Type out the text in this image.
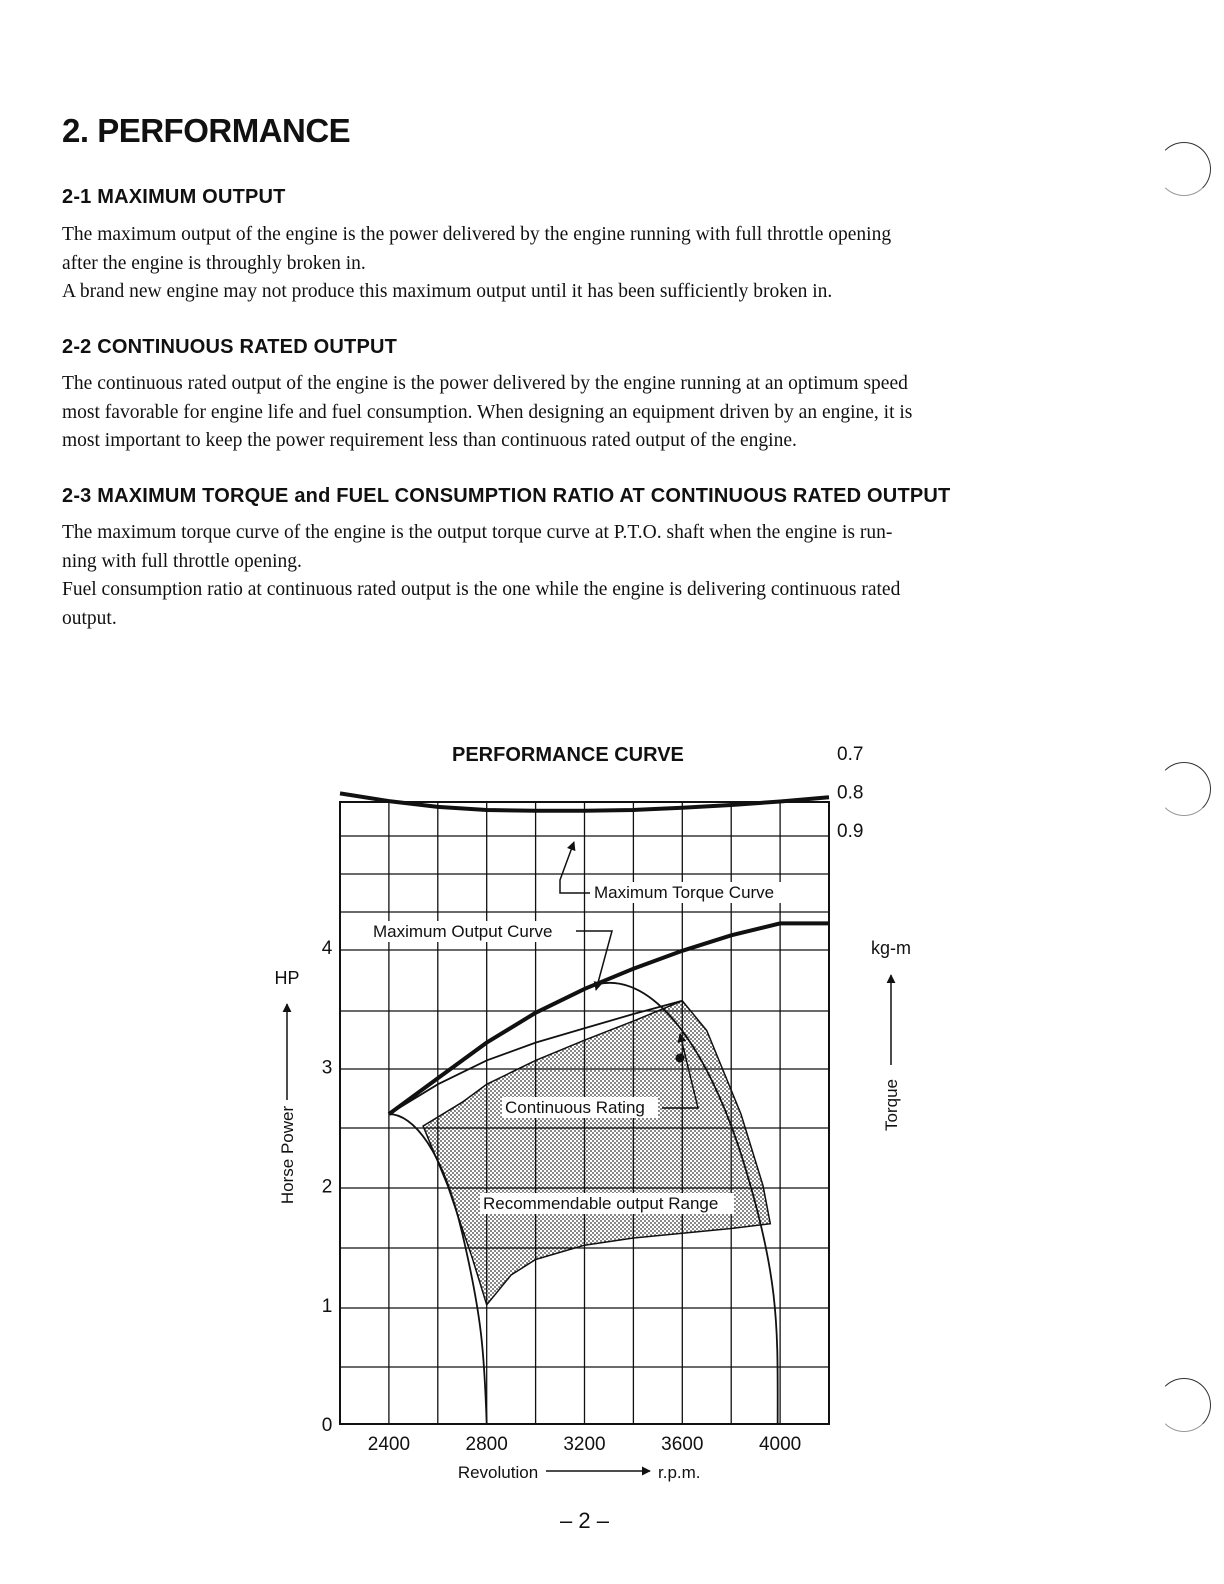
2. PERFORMANCE
2-1 MAXIMUM OUTPUT
The maximum output of the engine is the power delivered by the engine running with full throttle opening
after the engine is throughly broken in.
A brand new engine may not produce this maximum output until it has been sufficiently broken in.
2-2 CONTINUOUS RATED OUTPUT
The continuous rated output of the engine is the power delivered by the engine running at an optimum speed
most favorable for engine life and fuel consumption. When designing an equipment driven by an engine, it is
most important to keep the power requirement less than continuous rated output of the engine.
2-3 MAXIMUM TORQUE and FUEL CONSUMPTION RATIO AT CONTINUOUS RATED OUTPUT
The maximum torque curve of the engine is the output torque curve at P.T.O. shaft when the engine is run-
ning with full throttle opening.
Fuel consumption ratio at continuous rated output is the one while the engine is delivering continuous rated
output.
PERFORMANCE CURVE
2400	2800	3200	3600	4000
0
1
2
3
4
0.9
0.8
0.7
Revolution	r.p.m.
HP
Horse Power
kg-m
Torque
Maximum Torque Curve
Maximum Output Curve
Continuous Rating
Recommendable output Range
– 2 –
